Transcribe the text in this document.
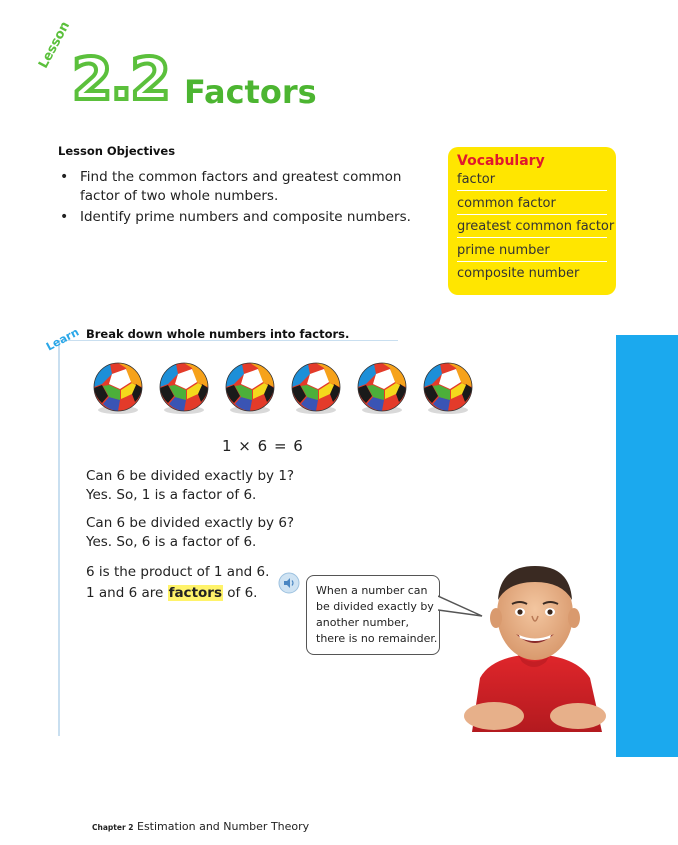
Lesson
2.2 Factors
Lesson Objectives
• Find the common factors and greatest common factor of two whole numbers.
• Identify prime numbers and composite numbers.
Vocabulary
factor
common factor
greatest common factor
prime number
composite number
Learn Break down whole numbers into factors.
1 × 6 = 6
Can 6 be divided exactly by 1?
Yes. So, 1 is a factor of 6.
Can 6 be divided exactly by 6?
Yes. So, 6 is a factor of 6.
6 is the product of 1 and 6.
1 and 6 are factors of 6.	When a number can be divided exactly by another number, there is no remainder.
Chapter 2 Estimation and Number Theory
